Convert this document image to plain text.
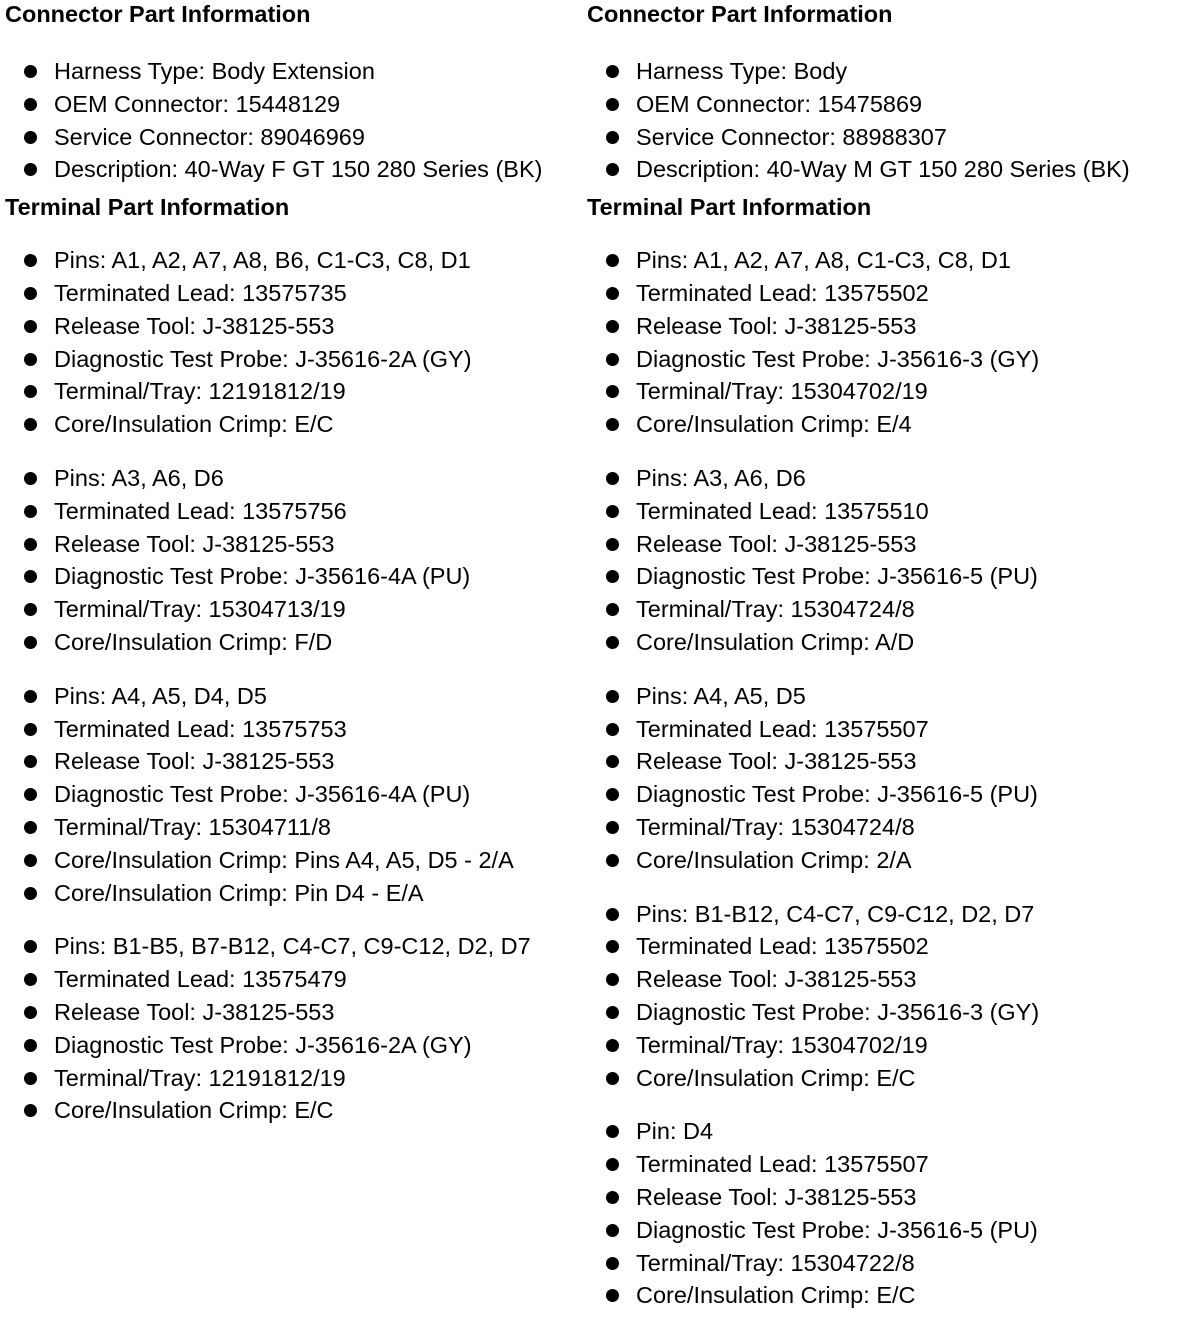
Connector Part Information
Harness Type: Body Extension
OEM Connector: 15448129
Service Connector: 89046969
Description: 40-Way F GT 150 280 Series (BK)
Terminal Part Information
Pins: A1, A2, A7, A8, B6, C1-C3, C8, D1
Terminated Lead: 13575735
Release Tool: J-38125-553
Diagnostic Test Probe: J-35616-2A (GY)
Terminal/Tray: 12191812/19
Core/Insulation Crimp: E/C
Pins: A3, A6, D6
Terminated Lead: 13575756
Release Tool: J-38125-553
Diagnostic Test Probe: J-35616-4A (PU)
Terminal/Tray: 15304713/19
Core/Insulation Crimp: F/D
Pins: A4, A5, D4, D5
Terminated Lead: 13575753
Release Tool: J-38125-553
Diagnostic Test Probe: J-35616-4A (PU)
Terminal/Tray: 15304711/8
Core/Insulation Crimp: Pins A4, A5, D5 - 2/A
Core/Insulation Crimp: Pin D4 - E/A
Pins: B1-B5, B7-B12, C4-C7, C9-C12, D2, D7
Terminated Lead: 13575479
Release Tool: J-38125-553
Diagnostic Test Probe: J-35616-2A (GY)
Terminal/Tray: 12191812/19
Core/Insulation Crimp: E/C
Connector Part Information
Harness Type: Body
OEM Connector: 15475869
Service Connector: 88988307
Description: 40-Way M GT 150 280 Series (BK)
Terminal Part Information
Pins: A1, A2, A7, A8, C1-C3, C8, D1
Terminated Lead: 13575502
Release Tool: J-38125-553
Diagnostic Test Probe: J-35616-3 (GY)
Terminal/Tray: 15304702/19
Core/Insulation Crimp: E/4
Pins: A3, A6, D6
Terminated Lead: 13575510
Release Tool: J-38125-553
Diagnostic Test Probe: J-35616-5 (PU)
Terminal/Tray: 15304724/8
Core/Insulation Crimp: A/D
Pins: A4, A5, D5
Terminated Lead: 13575507
Release Tool: J-38125-553
Diagnostic Test Probe: J-35616-5 (PU)
Terminal/Tray: 15304724/8
Core/Insulation Crimp: 2/A
Pins: B1-B12, C4-C7, C9-C12, D2, D7
Terminated Lead: 13575502
Release Tool: J-38125-553
Diagnostic Test Probe: J-35616-3 (GY)
Terminal/Tray: 15304702/19
Core/Insulation Crimp: E/C
Pin: D4
Terminated Lead: 13575507
Release Tool: J-38125-553
Diagnostic Test Probe: J-35616-5 (PU)
Terminal/Tray: 15304722/8
Core/Insulation Crimp: E/C
